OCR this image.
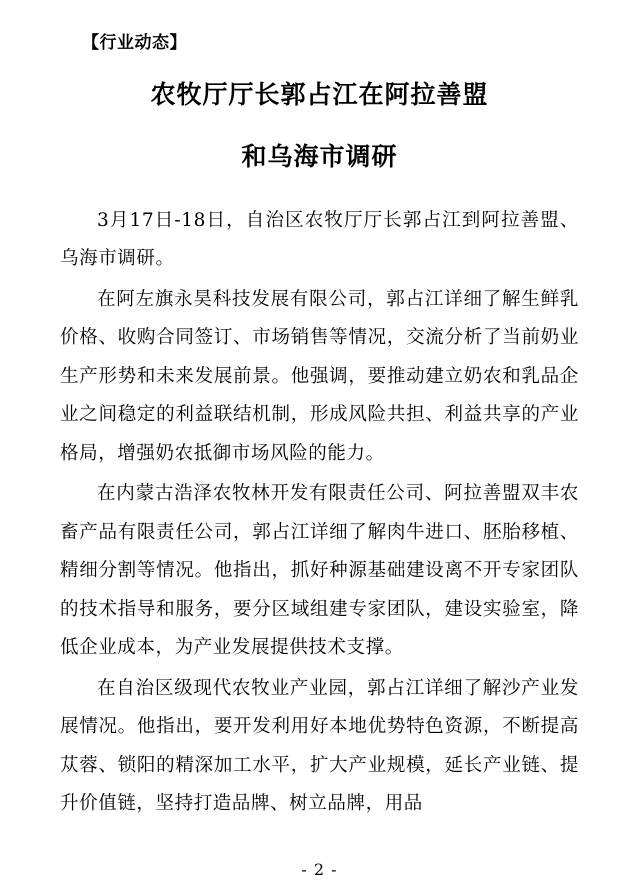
【行业动态】
农牧厅厅长郭占江在阿拉善盟
和乌海市调研

3月17日-18日，自治区农牧厅厅长郭占江到阿拉善盟、乌海市调研。

在阿左旗永昊科技发展有限公司，郭占江详细了解生鲜乳价格、收购合同签订、市场销售等情况，交流分析了当前奶业生产形势和未来发展前景。他强调，要推动建立奶农和乳品企业之间稳定的利益联结机制，形成风险共担、利益共享的产业格局，增强奶农抵御市场风险的能力。

在内蒙古浩泽农牧林开发有限责任公司、阿拉善盟双丰农畜产品有限责任公司，郭占江详细了解肉牛进口、胚胎移植、精细分割等情况。他指出，抓好种源基础建设离不开专家团队的技术指导和服务，要分区域组建专家团队，建设实验室，降低企业成本，为产业发展提供技术支撑。

在自治区级现代农牧业产业园，郭占江详细了解沙产业发展情况。他指出，要开发利用好本地优势特色资源，不断提高苁蓉、锁阳的精深加工水平，扩大产业规模，延长产业链、提升价值链，坚持打造品牌、树立品牌，用品

- 2 -
